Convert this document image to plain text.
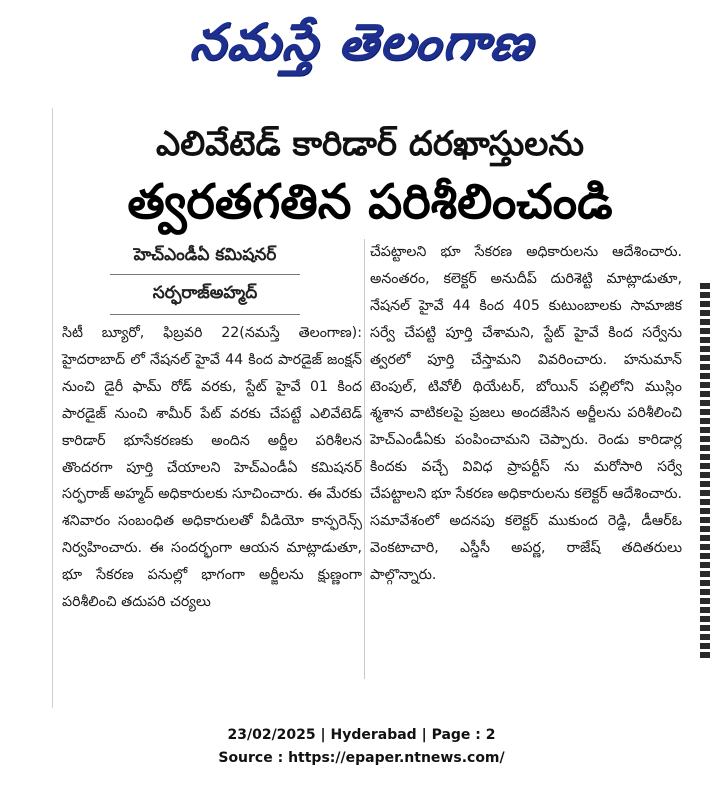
నమస్తే తెలంగాణ
ఎలివేటెడ్ కారిడార్ దరఖాస్తులను
త్వరతగతిన పరిశీలించండి
హెచ్ఎండీఏ కమిషనర్
సర్ఫరాజ్అహ్మద్

సిటీ బ్యూరో, ఫిబ్రవరి 22(నమస్తే తెలంగాణ): హైదరాబాద్ లో నేషనల్ హైవే 44 కింద పారడైజ్ జంక్షన్ నుంచి డైరీ ఫామ్ రోడ్ వరకు, స్టేట్ హైవే 01 కింద పారడైజ్ నుంచి శామీర్ పేట్ వరకు చేపట్టే ఎలివేటెడ్ కారిడార్ భూసేకరణకు అందిన అర్జీల పరిశీలన తొందరగా పూర్తి చేయాలని హెచ్ఎండీఏ కమిషనర్ సర్ఫరాజ్ అహ్మద్ అధికారులకు సూచించారు. ఈ మేరకు శనివారం సంబంధిత అధికారులతో వీడియో కాన్ఫరెన్స్ నిర్వహించారు. ఈ సందర్భంగా ఆయన మాట్లాడుతూ, భూ సేకరణ పనుల్లో భాగంగా అర్జీలను క్షుణ్ణంగా పరిశీలించి తదుపరి చర్యలు

చేపట్టాలని భూ సేకరణ అధికారులను ఆదేశించారు. అనంతరం, కలెక్టర్ అనుదీప్ దురిశెట్టి మాట్లాడుతూ, నేషనల్ హైవే 44 కింద 405 కుటుంబాలకు సామాజిక సర్వే చేపట్టి పూర్తి చేశామని, స్టేట్ హైవే కింద సర్వేను త్వరలో పూర్తి చేస్తామని వివరించారు. హనుమాన్ టెంపుల్, టివోలీ థియేటర్, బోయిన్ పల్లిలోని ముస్లిం శ్మశాన వాటికలపై ప్రజలు అందజేసిన అర్జీలను పరిశీలించి హెచ్ఎండీఏకు పంపించామని చెప్పారు. రెండు కారిడార్ల కిందకు వచ్చే వివిధ ప్రాపర్టీస్ ను మరోసారి సర్వే చేపట్టాలని భూ సేకరణ అధికారులను కలెక్టర్ ఆదేశించారు. సమావేశంలో అదనపు కలెక్టర్ ముకుంద రెడ్డి, డీఆర్ఓ వెంకటాచారి, ఎస్డీసీ అపర్ణ, రాజేష్ తదితరులు పాల్గొన్నారు.

23/02/2025 | Hyderabad | Page : 2
Source : https://epaper.ntnews.com/
